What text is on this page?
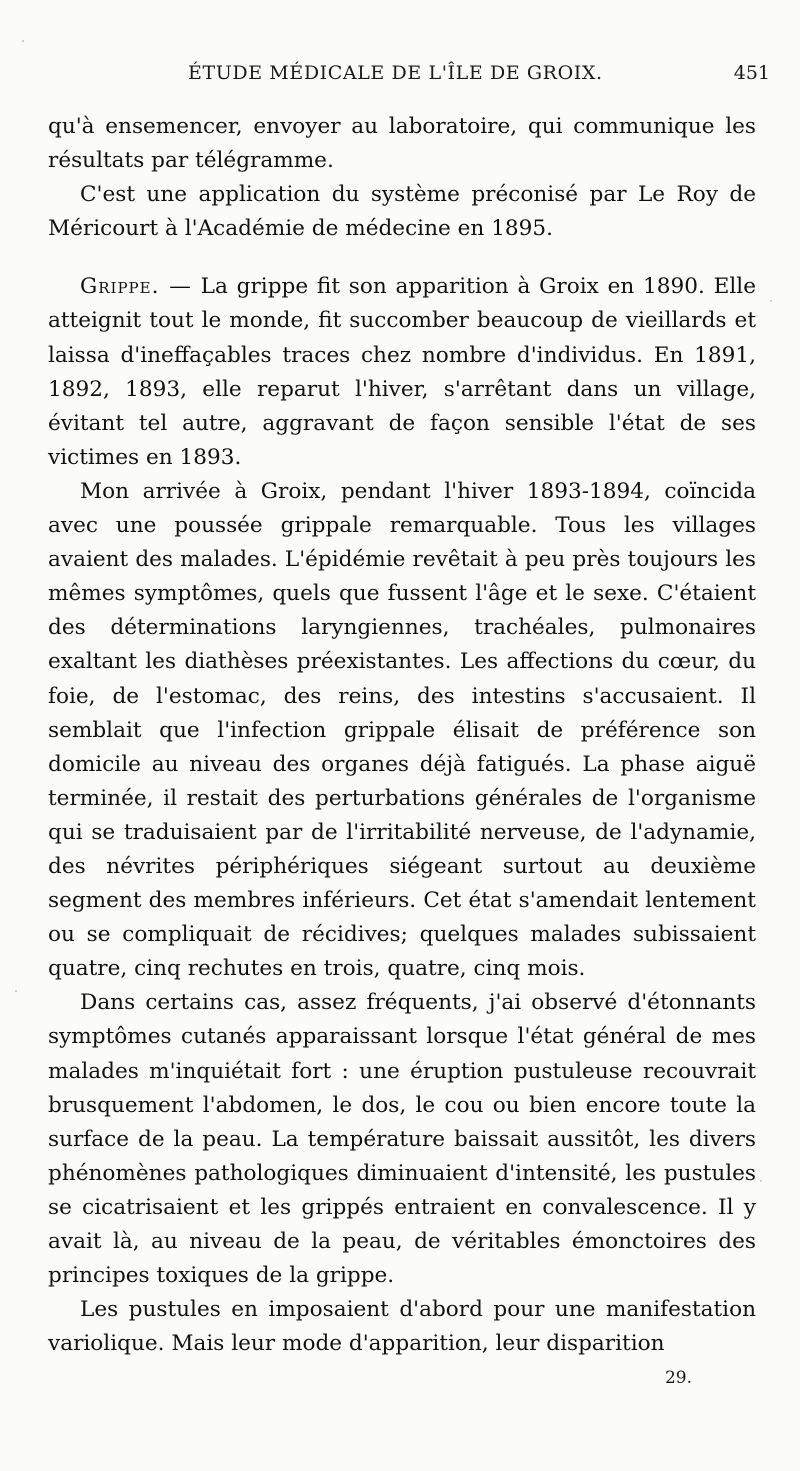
ÉTUDE MÉDICALE DE L'ÎLE DE GROIX.	451

qu'à ensemencer, envoyer au laboratoire, qui communique les résultats par télégramme.

C'est une application du système préconisé par Le Roy de Méricourt à l'Académie de médecine en 1895.

Grippe. — La grippe fit son apparition à Groix en 1890. Elle atteignit tout le monde, fit succomber beaucoup de vieillards et laissa d'ineffaçables traces chez nombre d'individus. En 1891, 1892, 1893, elle reparut l'hiver, s'arrêtant dans un village, évitant tel autre, aggravant de façon sensible l'état de ses victimes en 1893.

Mon arrivée à Groix, pendant l'hiver 1893-1894, coïncida avec une poussée grippale remarquable. Tous les villages avaient des malades. L'épidémie revêtait à peu près toujours les mêmes symptômes, quels que fussent l'âge et le sexe. C'étaient des déterminations laryngiennes, trachéales, pulmonaires exaltant les diathèses préexistantes. Les affections du cœur, du foie, de l'estomac, des reins, des intestins s'accusaient. Il semblait que l'infection grippale élisait de préférence son domicile au niveau des organes déjà fatigués. La phase aiguë terminée, il restait des perturbations générales de l'organisme qui se traduisaient par de l'irritabilité nerveuse, de l'adynamie, des névrites périphériques siégeant surtout au deuxième segment des membres inférieurs. Cet état s'amendait lentement ou se compliquait de récidives; quelques malades subissaient quatre, cinq rechutes en trois, quatre, cinq mois.

Dans certains cas, assez fréquents, j'ai observé d'étonnants symptômes cutanés apparaissant lorsque l'état général de mes malades m'inquiétait fort : une éruption pustuleuse recouvrait brusquement l'abdomen, le dos, le cou ou bien encore toute la surface de la peau. La température baissait aussitôt, les divers phénomènes pathologiques diminuaient d'intensité, les pustules se cicatrisaient et les grippés entraient en convalescence. Il y avait là, au niveau de la peau, de véritables émonctoires des principes toxiques de la grippe.

Les pustules en imposaient d'abord pour une manifestation variolique. Mais leur mode d'apparition, leur disparition

29.
